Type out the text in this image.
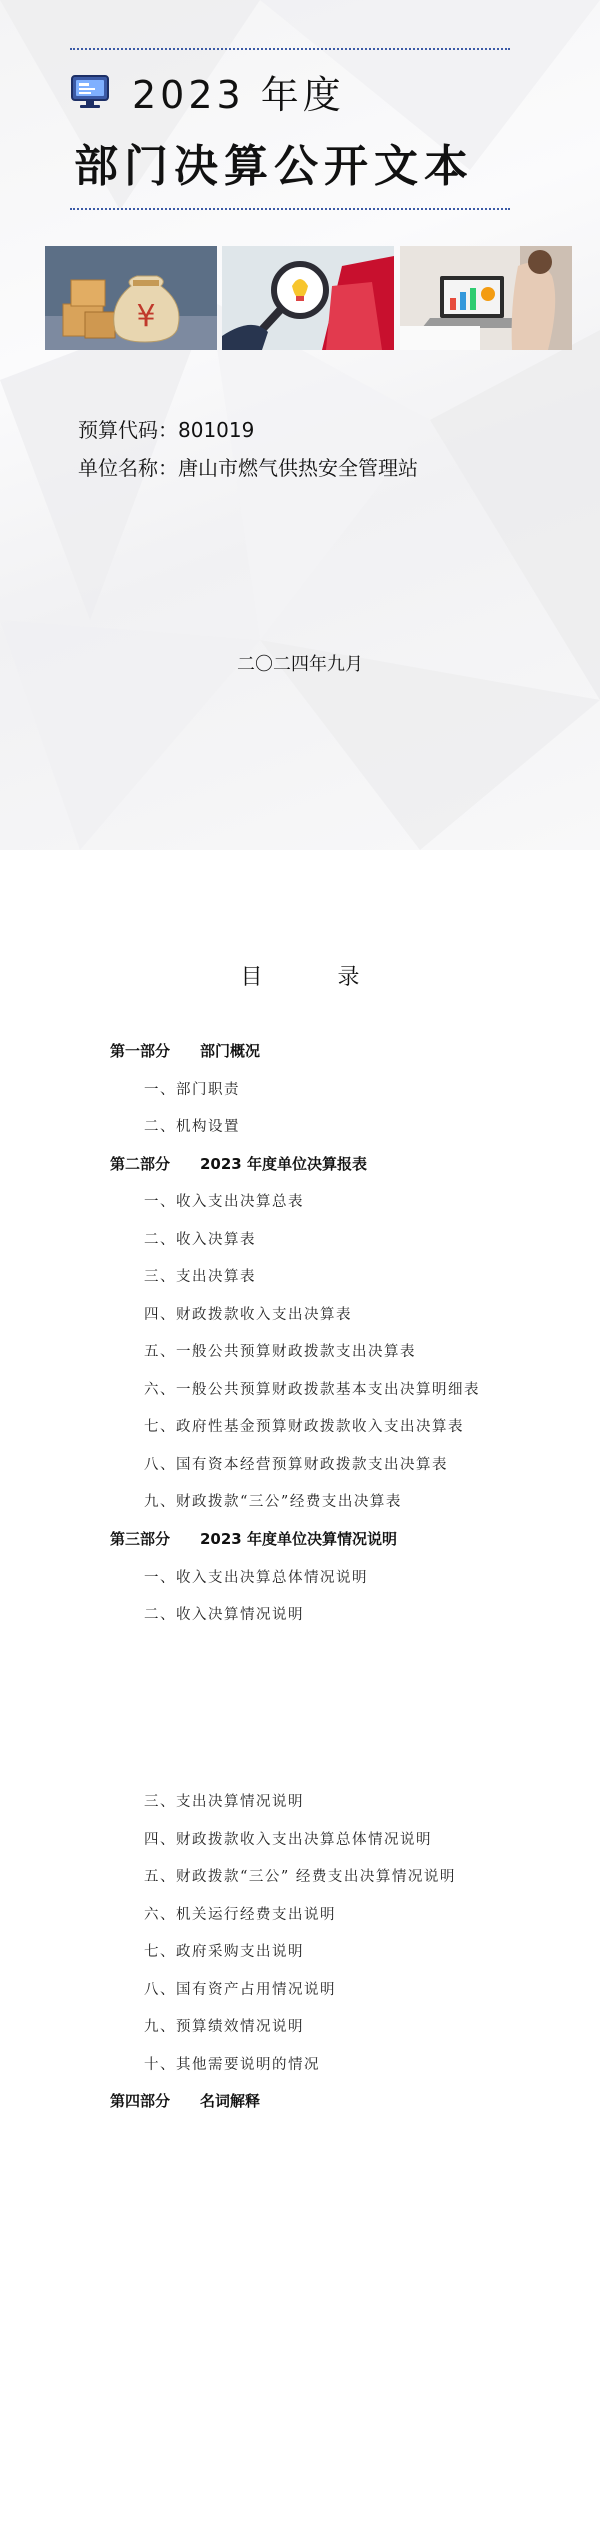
2023 年度
部门决算公开文本
¥
预算代码：801019
单位名称：唐山市燃气供热安全管理站
二〇二四年九月
目 录
第一部分 部门概况
一、部门职责
二、机构设置
第二部分 2023 年度单位决算报表
一、收入支出决算总表
二、收入决算表
三、支出决算表
四、财政拨款收入支出决算表
五、一般公共预算财政拨款支出决算表
六、一般公共预算财政拨款基本支出决算明细表
七、政府性基金预算财政拨款收入支出决算表
八、国有资本经营预算财政拨款支出决算表
九、财政拨款“三公”经费支出决算表
第三部分 2023 年度单位决算情况说明
一、收入支出决算总体情况说明
二、收入决算情况说明
三、支出决算情况说明
四、财政拨款收入支出决算总体情况说明
五、财政拨款“三公” 经费支出决算情况说明
六、机关运行经费支出说明
七、政府采购支出说明
八、国有资产占用情况说明
九、预算绩效情况说明
十、其他需要说明的情况
第四部分 名词解释
